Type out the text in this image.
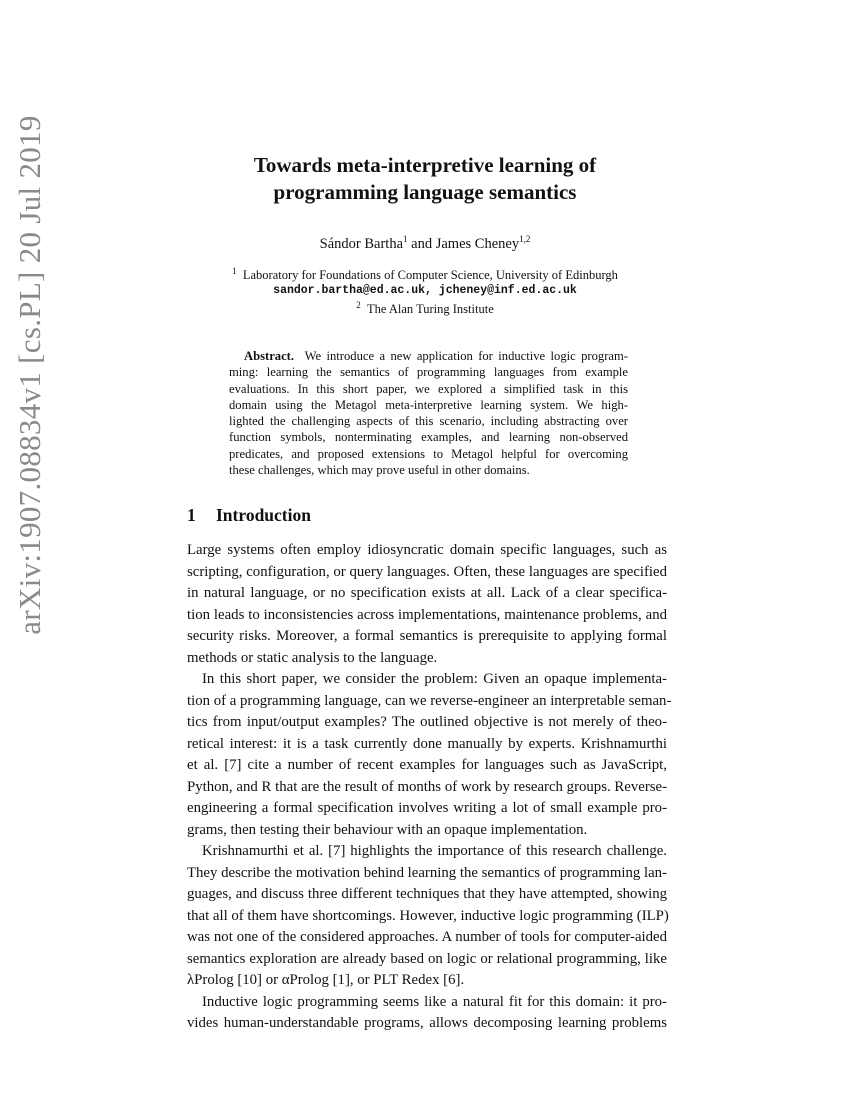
arXiv:1907.08834v1 [cs.PL] 20 Jul 2019	Towards meta-interpretive learning of
programming language semantics
Sándor Bartha$^1$ and James Cheney$^{1,2}$
$^1$ Laboratory for Foundations of Computer Science, University of Edinburgh
sandor.bartha@ed.ac.uk, jcheney@inf.ed.ac.uk
$^2$ The Alan Turing Institute
Abstract. We introduce a new application for inductive logic program-
ming: learning the semantics of programming languages from example
evaluations. In this short paper, we explored a simplified task in this
domain using the Metagol meta-interpretive learning system. We high-
lighted the challenging aspects of this scenario, including abstracting over
function symbols, nonterminating examples, and learning non-observed
predicates, and proposed extensions to Metagol helpful for overcoming
these challenges, which may prove useful in other domains.
1 Introduction
Large systems often employ idiosyncratic domain specific languages, such as
scripting, configuration, or query languages. Often, these languages are specified
in natural language, or no specification exists at all. Lack of a clear specifica-
tion leads to inconsistencies across implementations, maintenance problems, and
security risks. Moreover, a formal semantics is prerequisite to applying formal
methods or static analysis to the language.
In this short paper, we consider the problem: Given an opaque implementa-
tion of a programming language, can we reverse-engineer an interpretable seman-
tics from input/output examples? The outlined objective is not merely of theo-
retical interest: it is a task currently done manually by experts. Krishnamurthi
et al. [7] cite a number of recent examples for languages such as JavaScript,
Python, and R that are the result of months of work by research groups. Reverse-
engineering a formal specification involves writing a lot of small example pro-
grams, then testing their behaviour with an opaque implementation.
Krishnamurthi et al. [7] highlights the importance of this research challenge.
They describe the motivation behind learning the semantics of programming lan-
guages, and discuss three different techniques that they have attempted, showing
that all of them have shortcomings. However, inductive logic programming (ILP)
was not one of the considered approaches. A number of tools for computer-aided
semantics exploration are already based on logic or relational programming, like
λProlog [10] or αProlog [1], or PLT Redex [6].
Inductive logic programming seems like a natural fit for this domain: it pro-
vides human-understandable programs, allows decomposing learning problems
